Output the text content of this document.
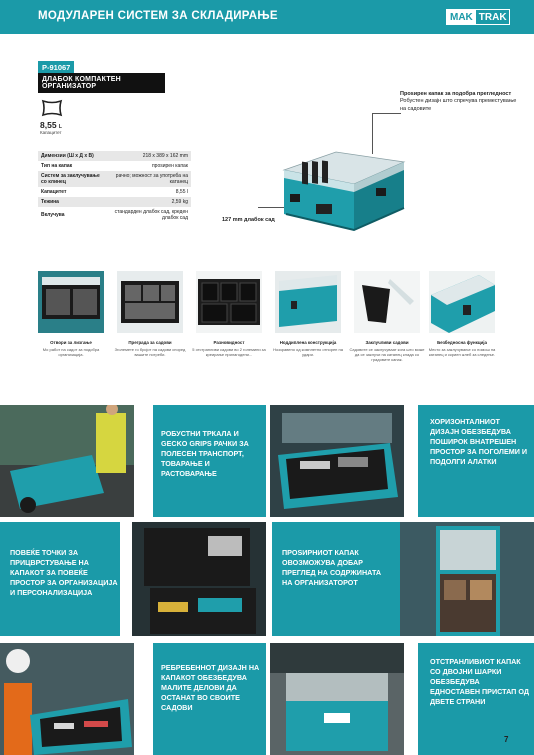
МОДУЛАРЕН СИСТЕМ ЗА СКЛАДИРАЊЕ	MAK TRAK
P-91067
ДЛАБОК КОМПАКТЕН ОРГАНИЗАТОР
8,55 L
Капацитет
Димензии (Ш х Д х В)	218 x 389 x 162 mm
Тип на капак	проѕирен капак
Систем за заклучување со клинец	рачно; можност за употреба на катанец
Капацитет	8,55 l
Тежина	2,59 kg
Вклучува	стандарден длабок сад, креден длабок сад
Проѕирен капак за подобра прегледност
Робустен дизајн што спречува преместување на садовите
127 mm длабок сад
Отвори за лизгање
Мо работ на садот за подобра организација.
Преграда за садови
Зголемете го бројот на садови според вашите потреби.
Разновидност
5 отстранливи садови во 2 големини за креирање прилагодени...
Ноддипленa конструкција
Ноззравено од комплетно отпорен на удари.
Заклучливи садови
Садовите се заклучуваат кога што може да се заклучи на катанец клада со градовите капак.
Безбедносна функција
Место за заклучување со помош на катанец и скриен жлеб за следење.
РОБУСТНИ ТРКАЛА И GECKO GRIPS РАЧКИ ЗА ПОЛЕСЕН ТРАНСПОРТ, ТОВАРАЊЕ И РАСТОВАРАЊЕ
ХОРИЗОНТАЛНИОТ ДИЗАЈН ОБЕЗБЕДУВА ПОШИРОК ВНАТРЕШЕН ПРОСТОР ЗА ПОГОЛЕМИ И ПОДОЛГИ АЛАТКИ
ПОВЕЌЕ ТОЧКИ ЗА ПРИЦВРСТУВАЊЕ НА КАПАКОТ ЗА ПОВЕЌЕ ПРОСТОР ЗА ОРГАНИЗАЦИЈА И ПЕРСОНАЛИЗАЦИЈА
ПРОЅИРНИОТ КАПАК ОВОЗМОЖУВА ДОБАР ПРЕГЛЕД НА СОДРЖИНАТА НА ОРГАНИЗАТОРОТ
РЕБРЕБЕННОТ ДИЗАЈН НА КАПАКОТ ОБЕЗБЕДУВА МАЛИТЕ ДЕЛОВИ ДА ОСТАНАТ ВО СВОИТЕ САДОВИ
ОТСТРАНЛИВИОТ КАПАК СО ДВОЈНИ ШАРКИ ОБЕЗБЕДУВА ЕДНОСТАВЕН ПРИСТАП ОД ДВЕТЕ СТРАНИ
7
